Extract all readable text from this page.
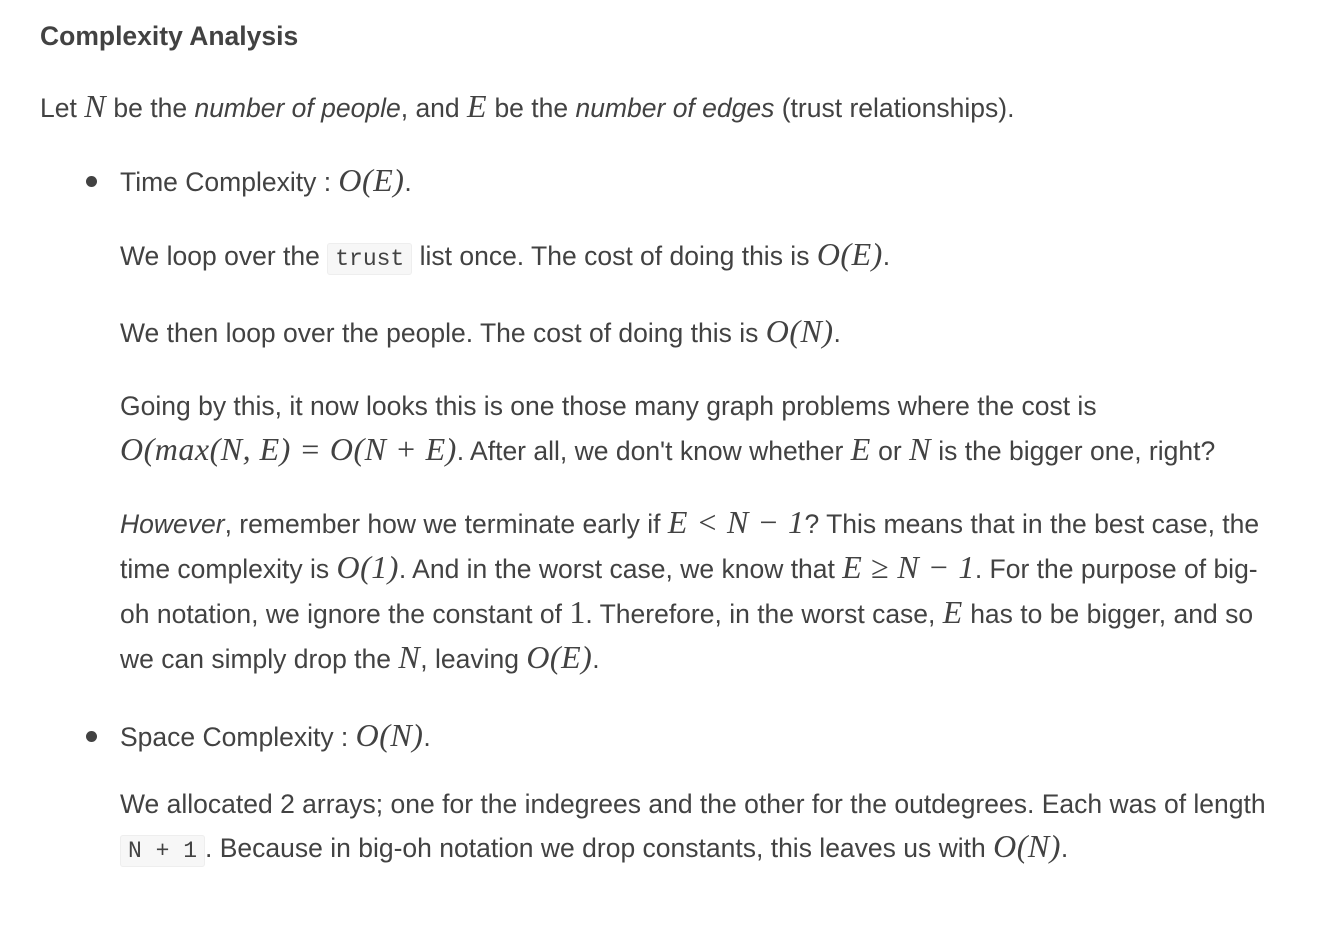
Complexity Analysis

Let N be the number of people, and E be the number of edges (trust relationships).

Time Complexity : O(E).

We loop over the trust list once. The cost of doing this is O(E).

We then loop over the people. The cost of doing this is O(N).

Going by this, it now looks this is one those many graph problems where the cost is
O(max(N, E) = O(N + E). After all, we don't know whether E or N is the bigger one, right?

However, remember how we terminate early if E < N − 1? This means that in the best case, the time complexity is O(1). And in the worst case, we know that E ≥ N − 1. For the purpose of big-oh notation, we ignore the constant of 1. Therefore, in the worst case, E has to be bigger, and so we can simply drop the N, leaving O(E).

Space Complexity : O(N).

We allocated 2 arrays; one for the indegrees and the other for the outdegrees. Each was of length N + 1 . Because in big-oh notation we drop constants, this leaves us with O(N).
